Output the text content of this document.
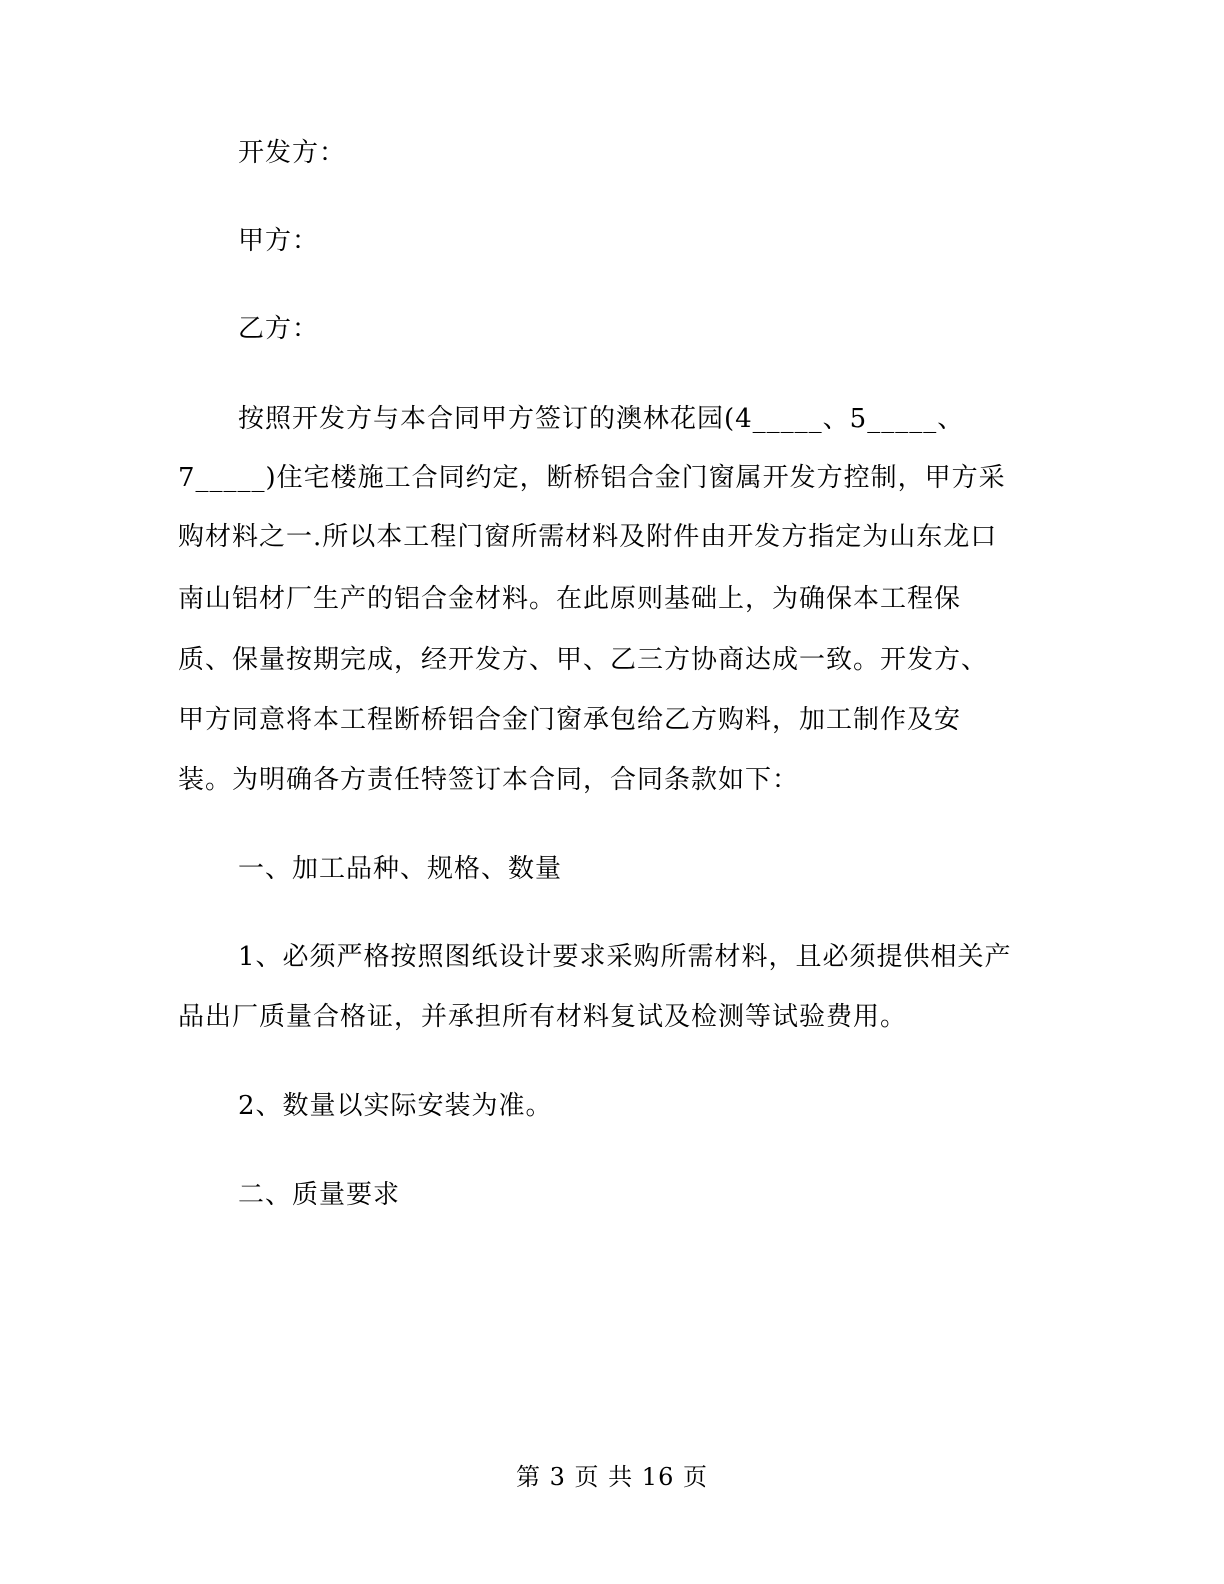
开发方：
甲方：
乙方：
按照开发方与本合同甲方签订的澳林花园(4_____、5_____、
7_____)住宅楼施工合同约定，断桥铝合金门窗属开发方控制，甲方采
购材料之一.所以本工程门窗所需材料及附件由开发方指定为山东龙口
南山铝材厂生产的铝合金材料。在此原则基础上，为确保本工程保
质、保量按期完成，经开发方、甲、乙三方协商达成一致。开发方、
甲方同意将本工程断桥铝合金门窗承包给乙方购料，加工制作及安
装。为明确各方责任特签订本合同，合同条款如下：
一、加工品种、规格、数量
1、必须严格按照图纸设计要求采购所需材料，且必须提供相关产
品出厂质量合格证，并承担所有材料复试及检测等试验费用。
2、数量以实际安装为准。
二、质量要求
第 3 页 共 16 页
